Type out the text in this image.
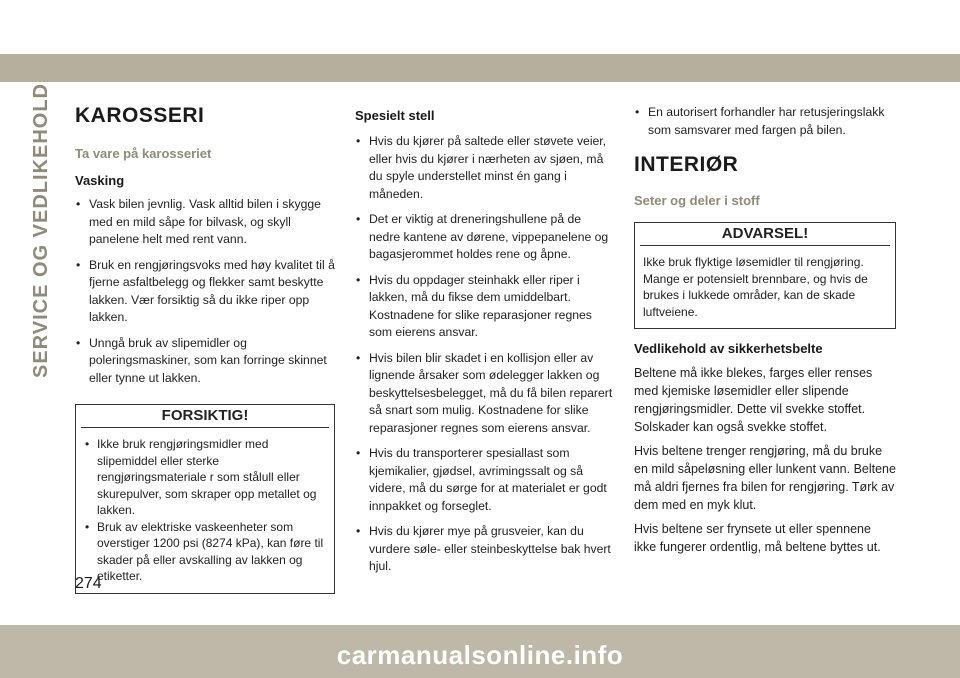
SERVICE OG VEDLIKEHOLD KAROSSERI
Ta vare på karosseriet
Vasking
• Vask bilen jevnlig. Vask alltid bilen i skygge med en mild såpe for bilvask, og skyll panelene helt med rent vann.
• Bruk en rengjøringsvoks med høy kvalitet til å fjerne asfaltbelegg og flekker samt beskytte lakken. Vær forsiktig så du ikke riper opp lakken.
• Unngå bruk av slipemidler og poleringsmaskiner, som kan forringe skinnet eller tynne ut lakken.
FORSIKTIG!
• Ikke bruk rengjøringsmidler med slipemiddel eller sterke rengjøringsmateriale r som stålull eller skurepulver, som skraper opp metallet og lakken.
• Bruk av elektriske vaskeenheter som overstiger 1200 psi (8274 kPa), kan føre til skader på eller avskalling av lakken og etiketter.
Spesielt stell
• Hvis du kjører på saltede eller støvete veier, eller hvis du kjører i nærheten av sjøen, må du spyle understellet minst én gang i måneden.
• Det er viktig at dreneringshullene på de nedre kantene av dørene, vippepanelene og bagasjerommet holdes rene og åpne.
• Hvis du oppdager steinhakk eller riper i lakken, må du fikse dem umiddelbart. Kostnadene for slike reparasjoner regnes som eierens ansvar.
• Hvis bilen blir skadet i en kollisjon eller av lignende årsaker som ødelegger lakken og beskyttelsesbelegget, må du få bilen reparert så snart som mulig. Kostnadene for slike reparasjoner regnes som eierens ansvar.
• Hvis du transporterer spesiallast som kjemikalier, gjødsel, avrimingssalt og så videre, må du sørge for at materialet er godt innpakket og forseglet.
• Hvis du kjører mye på grusveier, kan du vurdere søle- eller steinbeskyttelse bak hvert hjul.
• En autorisert forhandler har retusjeringslakk som samsvarer med fargen på bilen.
INTERIØR
Seter og deler i stoff
ADVARSEL!

Ikke bruk flyktige løsemidler til rengjøring. Mange er potensielt brennbare, og hvis de brukes i lukkede områder, kan de skade luftveiene.

Vedlikehold av sikkerhetsbelte

Beltene må ikke blekes, farges eller renses med kjemiske løsemidler eller slipende rengjøringsmidler. Dette vil svekke stoffet. Solskader kan også svekke stoffet.

Hvis beltene trenger rengjøring, må du bruke en mild såpeløsning eller lunkent vann. Beltene må aldri fjernes fra bilen for rengjøring. Tørk av dem med en myk klut.

Hvis beltene ser frynsete ut eller spennene ikke fungerer ordentlig, må beltene byttes ut.

274
carmanualsonline.info
